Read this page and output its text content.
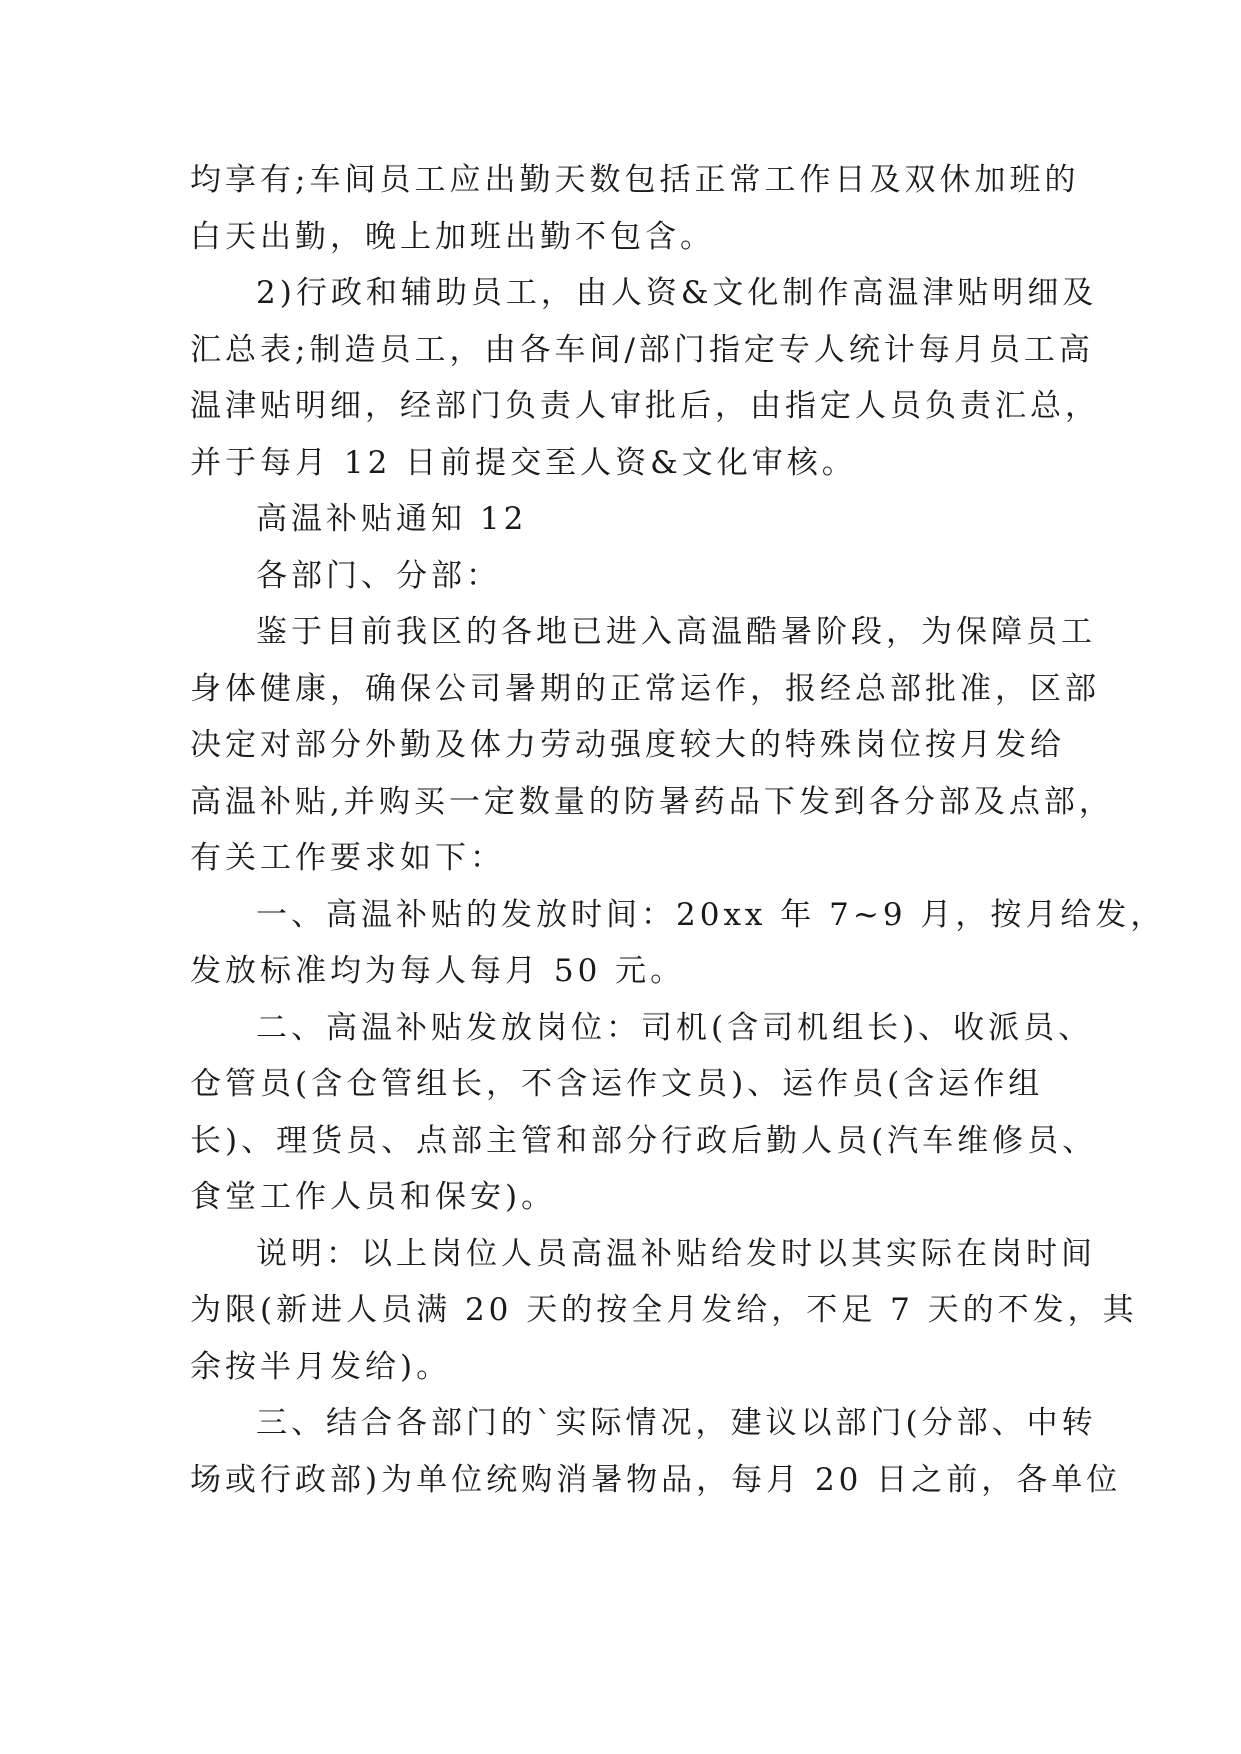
均享有;车间员工应出勤天数包括正常工作日及双休加班的
白天出勤，晚上加班出勤不包含。
2)行政和辅助员工，由人资&文化制作高温津贴明细及
汇总表;制造员工，由各车间/部门指定专人统计每月员工高
温津贴明细，经部门负责人审批后，由指定人员负责汇总，
并于每月 12 日前提交至人资&文化审核。
高温补贴通知 12
各部门、分部：
鉴于目前我区的各地已进入高温酷暑阶段，为保障员工
身体健康，确保公司暑期的正常运作，报经总部批准，区部
决定对部分外勤及体力劳动强度较大的特殊岗位按月发给
高温补贴,并购买一定数量的防暑药品下发到各分部及点部，
有关工作要求如下：
一、高温补贴的发放时间：20xx 年 7~9 月，按月给发，
发放标准均为每人每月 50 元。
二、高温补贴发放岗位：司机(含司机组长)、收派员、
仓管员(含仓管组长，不含运作文员)、运作员(含运作组
长)、理货员、点部主管和部分行政后勤人员(汽车维修员、
食堂工作人员和保安)。
说明：以上岗位人员高温补贴给发时以其实际在岗时间
为限(新进人员满 20 天的按全月发给，不足 7 天的不发，其
余按半月发给)。
三、结合各部门的`实际情况，建议以部门(分部、中转
场或行政部)为单位统购消暑物品，每月 20 日之前，各单位
